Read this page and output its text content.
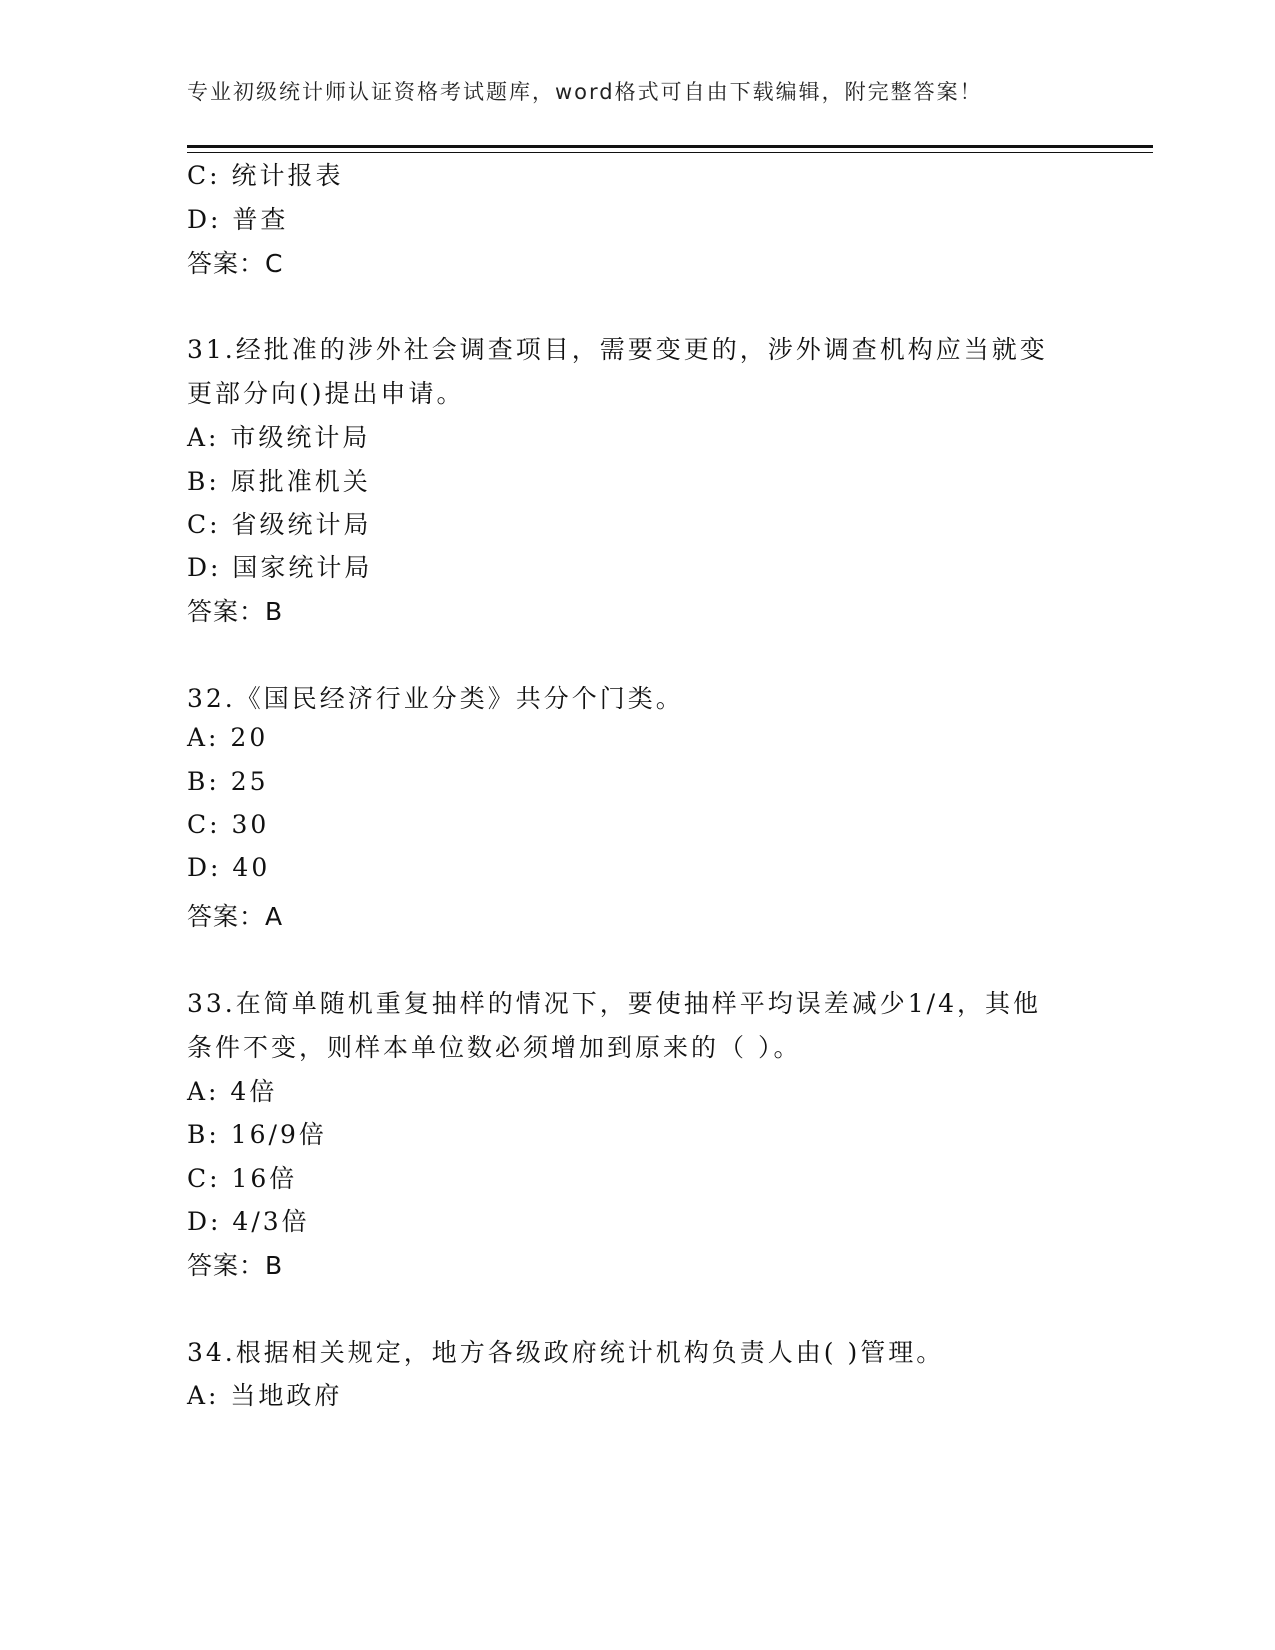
专业初级统计师认证资格考试题库，word格式可自由下载编辑，附完整答案！
C: 统计报表
D: 普查
答案：C
31.经批准的涉外社会调查项目，需要变更的，涉外调查机构应当就变
更部分向()提出申请。
A: 市级统计局
B: 原批准机关
C: 省级统计局
D: 国家统计局
答案：B
32.《国民经济行业分类》共分个门类。
A: 20
B: 25
C: 30
D: 40
答案：A
33.在简单随机重复抽样的情况下，要使抽样平均误差减少1/4，其他
条件不变，则样本单位数必须增加到原来的（ ）。
A: 4倍
B: 16/9倍
C: 16倍
D: 4/3倍
答案：B
34.根据相关规定，地方各级政府统计机构负责人由( )管理。
A: 当地政府
